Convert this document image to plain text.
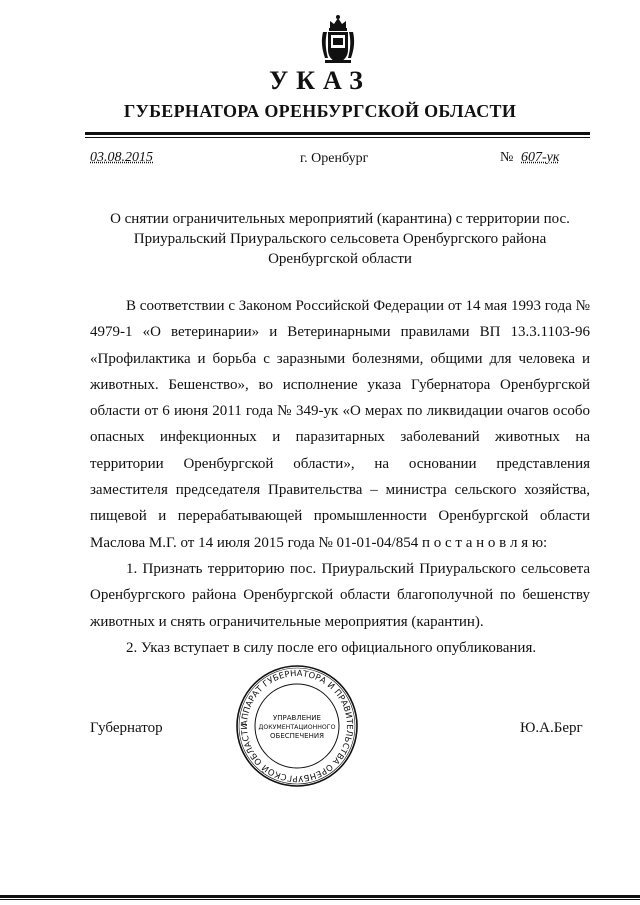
УКАЗ
ГУБЕРНАТОРА ОРЕНБУРГСКОЙ ОБЛАСТИ
03.08.2015	г. Оренбург	№ 607-ук
О снятии ограничительных мероприятий (карантина) с территории пос. Приуральский Приуральского сельсовета Оренбургского района Оренбургской области

В соответствии с Законом Российской Федерации от 14 мая 1993 года № 4979-1 «О ветеринарии» и Ветеринарными правилами ВП 13.3.1103-96 «Профилактика и борьба с заразными болезнями, общими для человека и животных. Бешенство», во исполнение указа Губернатора Оренбургской области от 6 июня 2011 года № 349-ук «О мерах по ликвидации очагов особо опасных инфекционных и паразитарных заболеваний животных на территории Оренбургской области», на основании представления заместителя председателя Правительства – министра сельского хозяйства, пищевой и перерабатывающей промышленности Оренбургской области Маслова М.Г. от 14 июля 2015 года № 01-01-04/854 п о с т а н о в л я ю:

1. Признать территорию пос. Приуральский Приуральского сельсовета Оренбургского района Оренбургской области благополучной по бешенству животных и снять ограничительные мероприятия (карантин).

2. Указ вступает в силу после его официального опубликования.

Губернатор	Ю.А.Берг
АППАРАТ ГУБЕРНАТОРА И ПРАВИТЕЛЬСТВА ОРЕНБУРГСКОЙ ОБЛАСТИ
УПРАВЛЕНИЕ
ДОКУМЕНТАЦИОННОГО
ОБЕСПЕЧЕНИЯ
